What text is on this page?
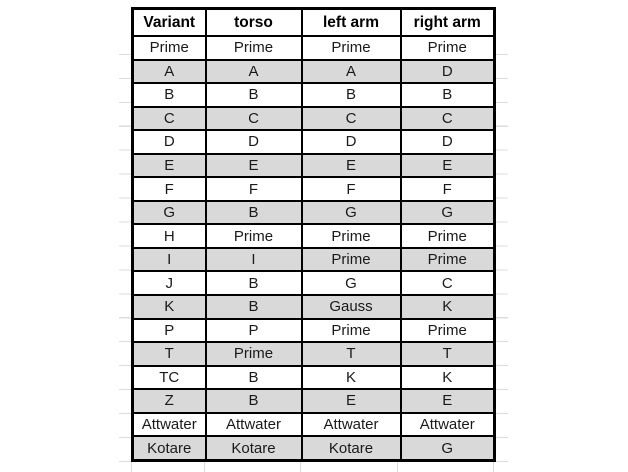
Variant	torso	left arm	right arm
Prime	Prime	Prime	Prime
A	A	A	D
B	B	B	B
C	C	C	C
D	D	D	D
E	E	E	E
F	F	F	F
G	B	G	G
H	Prime	Prime	Prime
I	I	Prime	Prime
J	B	G	C
K	B	Gauss	K
P	P	Prime	Prime
T	Prime	T	T
TC	B	K	K
Z	B	E	E
Attwater	Attwater	Attwater	Attwater
Kotare	Kotare	Kotare	G
